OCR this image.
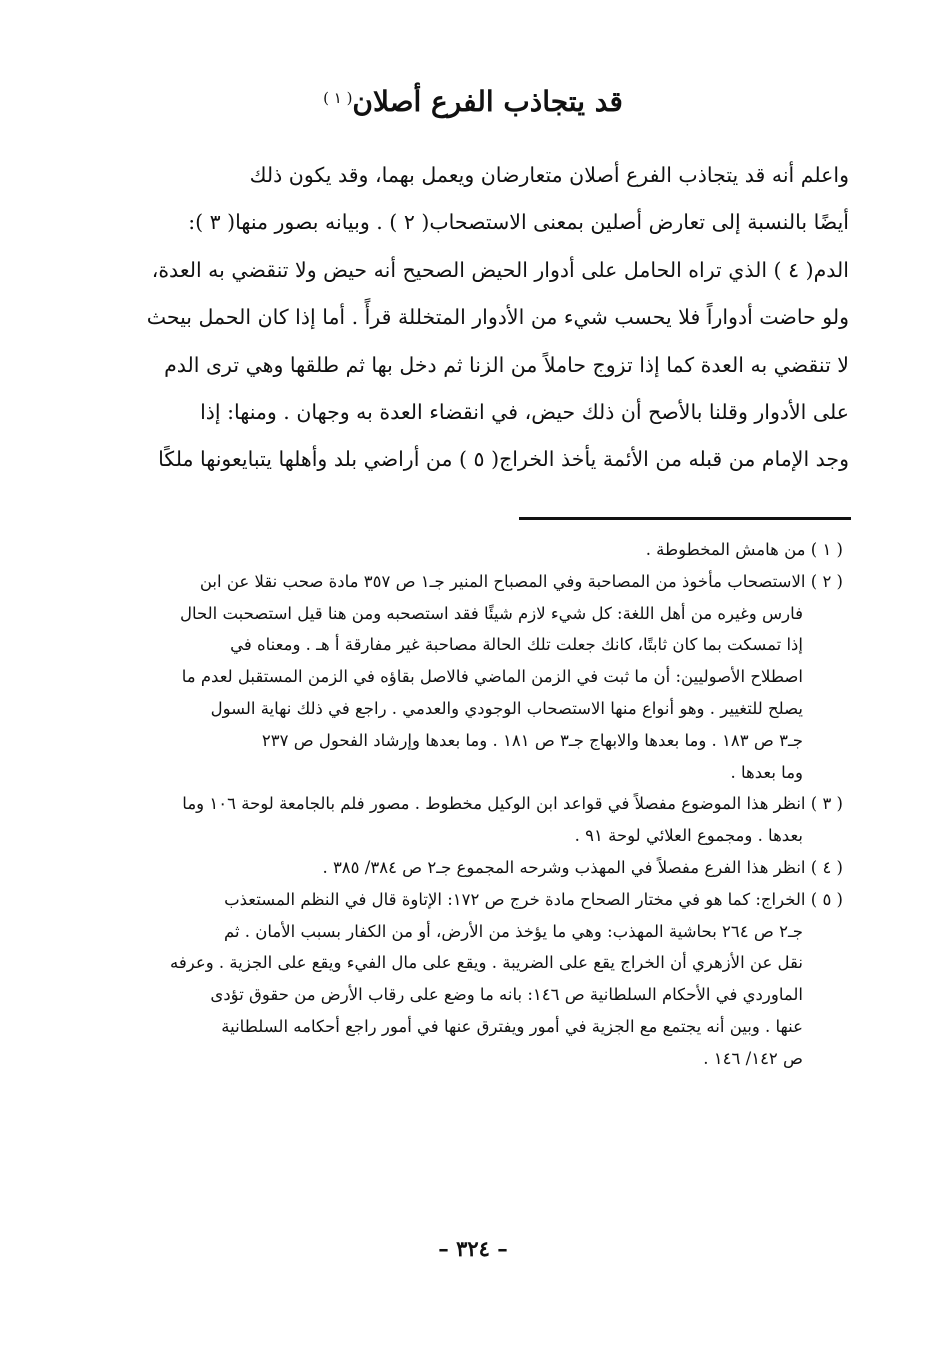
قد يتجاذب الفرع أصلان$^{( ١ )}$
واعلم أنه قد يتجاذب الفرع أصلان متعارضان ويعمل بهما، وقد يكون ذلك
أيضًا بالنسبة إلى تعارض أصلين بمعنى الاستصحاب( ٢ ) . وبيانه بصور منها( ٣ ):
الدم( ٤ ) الذي تراه الحامل على أدوار الحيض الصحيح أنه حيض ولا تنقضي به العدة،
ولو حاضت أدواراً فلا يحسب شيء من الأدوار المتخللة قرأً . أما إذا كان الحمل بيحث
لا تنقضي به العدة كما إذا تزوج حاملاً من الزنا ثم دخل بها ثم طلقها وهي ترى الدم
على الأدوار وقلنا بالأصح أن ذلك حيض، في انقضاء العدة به وجهان . ومنها: إذا
وجد الإمام من قبله من الأئمة يأخذ الخراج( ٥ ) من أراضي بلد وأهلها يتبايعونها ملكًا
( ١ ) من هامش المخطوطة .
( ٢ ) الاستصحاب مأخوذ من المصاحبة وفي المصباح المنير جـ١ ص ٣٥٧ مادة صحب نقلا عن ابن
فارس وغيره من أهل اللغة: كل شيء لازم شيئًا فقد استصحبه ومن هنا قيل استصحبت الحال
إذا تمسكت بما كان ثابتًا، كانك جعلت تلك الحالة مصاحبة غير مفارقة أ هـ . ومعناه في
اصطلاح الأصوليين: أن ما ثبت في الزمن الماضي فالاصل بقاؤه في الزمن المستقبل لعدم ما
يصلح للتغيير . وهو أنواع منها الاستصحاب الوجودي والعدمي . راجع في ذلك نهاية السول
جـ٣ ص ١٨٣ . وما بعدها والابهاج جـ٣ ص ١٨١ . وما بعدها وإرشاد الفحول ص ٢٣٧
وما بعدها .
( ٣ ) انظر هذا الموضوع مفصلاً في قواعد ابن الوكيل مخطوط . مصور فلم بالجامعة لوحة ١٠٦ وما
بعدها . ومجموع العلائي لوحة ٩١ .
( ٤ ) انظر هذا الفرع مفصلاً في المهذب وشرحه المجموع جـ٢ ص ٣٨٤/ ٣٨٥ .
( ٥ ) الخراج: كما هو في مختار الصحاح مادة خرج ص ١٧٢: الإتاوة قال في النظم المستعذب
جـ٢ ص ٢٦٤ بحاشية المهذب: وهي ما يؤخذ من الأرض، أو من الكفار بسبب الأمان . ثم
نقل عن الأزهري أن الخراج يقع على الضريبة . ويقع على مال الفيء ويقع على الجزية . وعرفه
الماوردي في الأحكام السلطانية ص ١٤٦: بانه ما وضع على رقاب الأرض من حقوق تؤدى
عنها . وبين أنه يجتمع مع الجزية في أمور ويفترق عنها في أمور راجع أحكامه السلطانية
ص ١٤٢/ ١٤٦ .
– ٣٢٤ –
